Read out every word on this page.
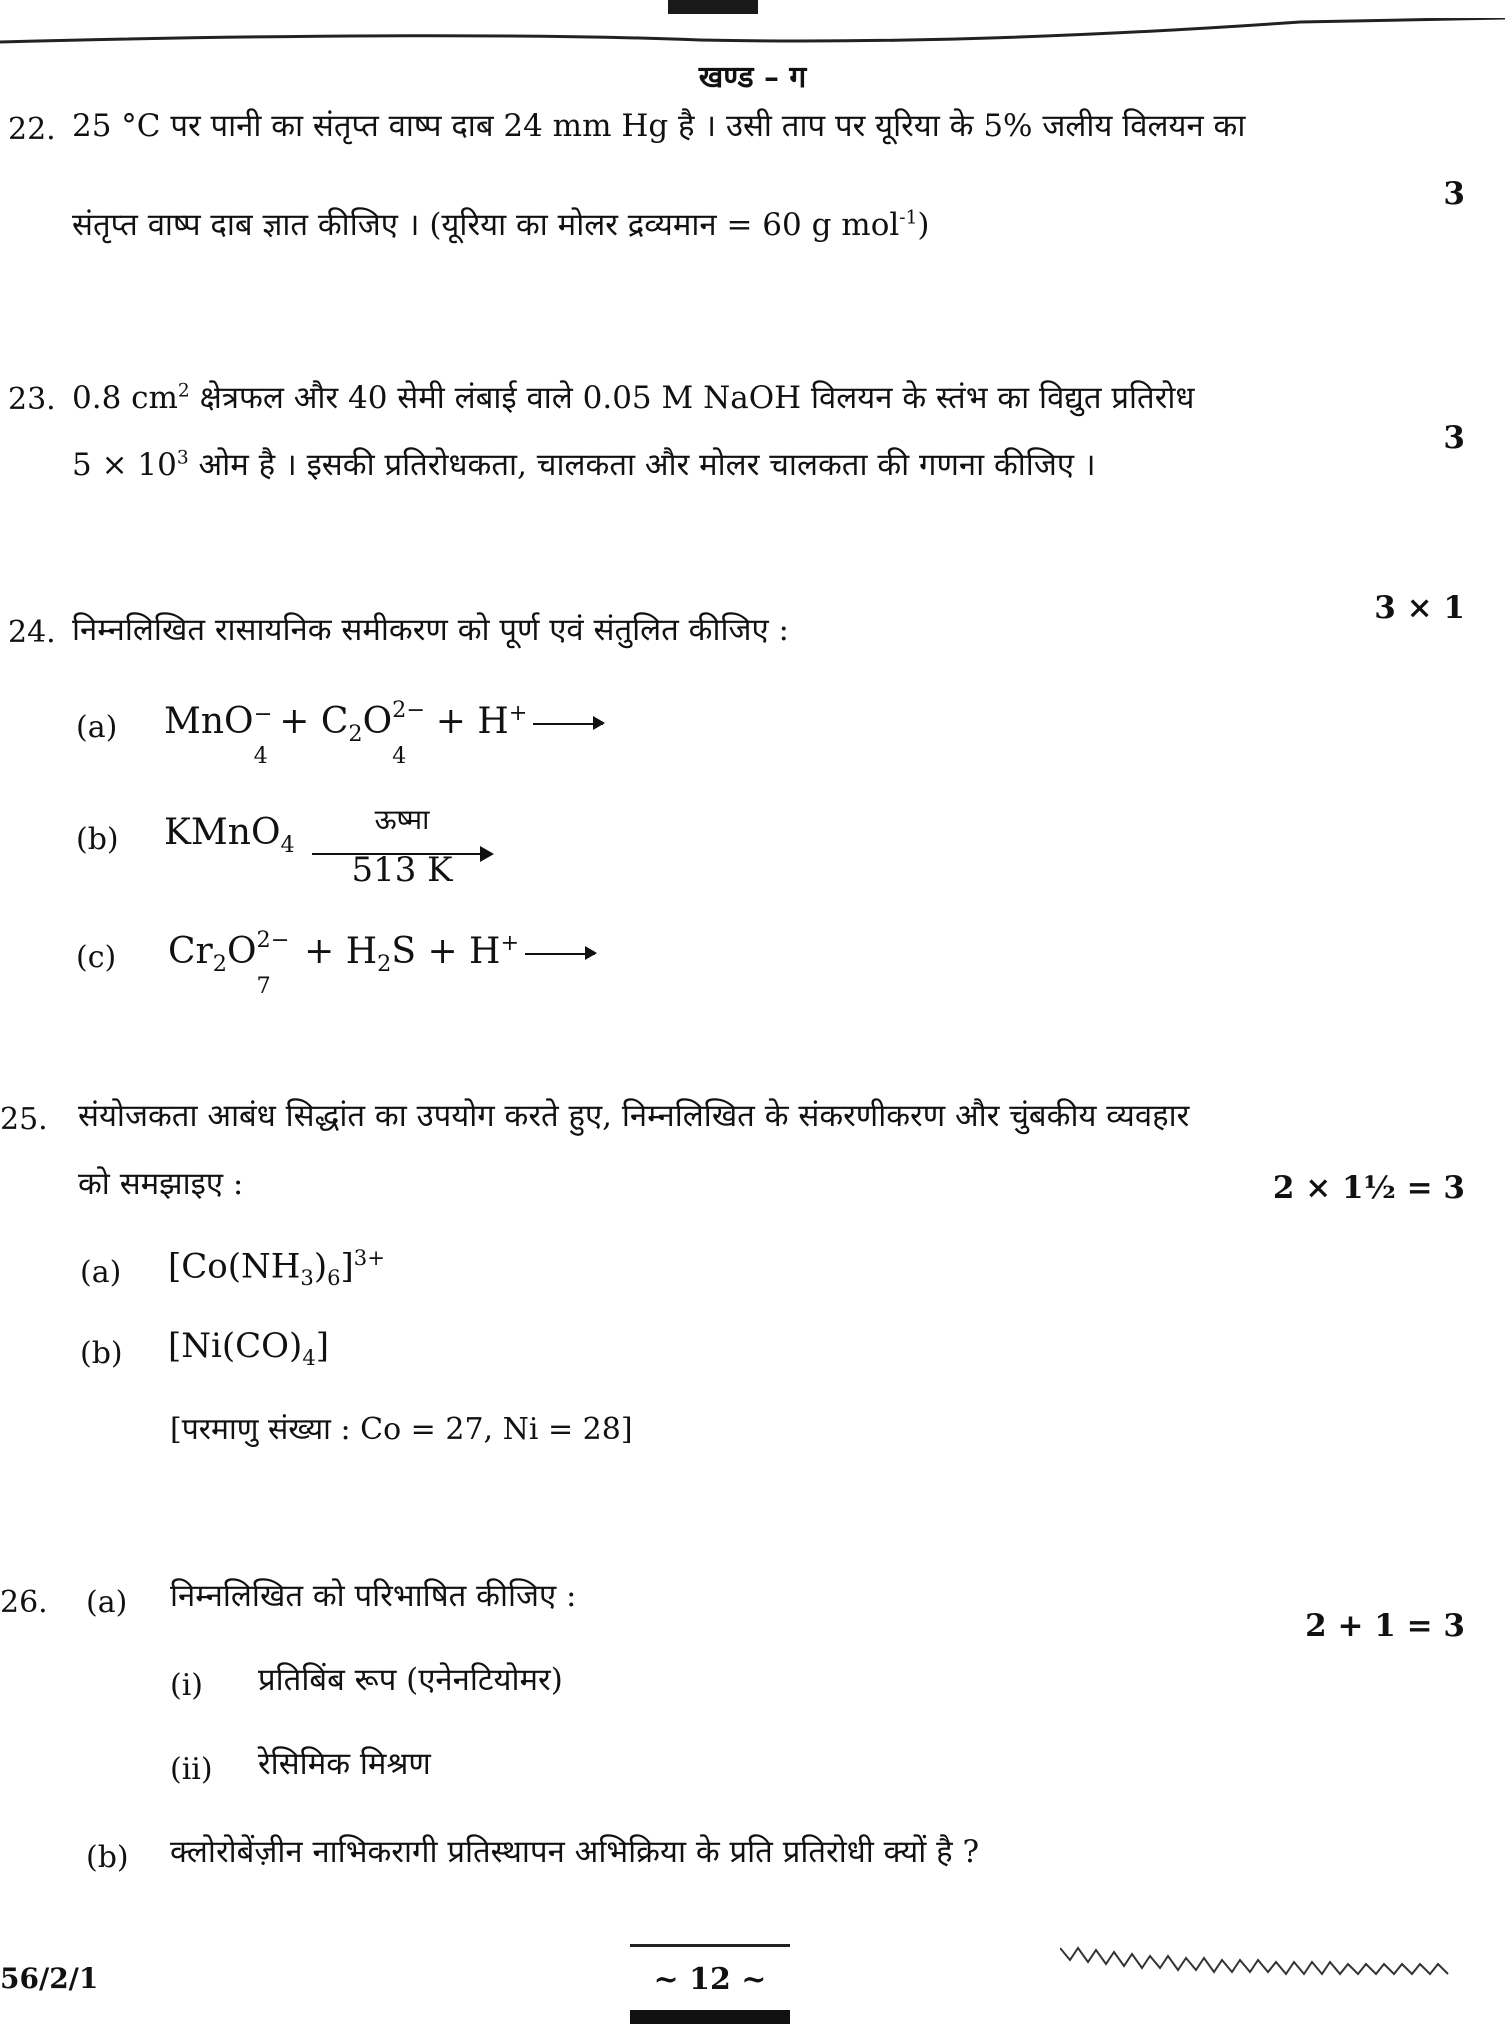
खण्ड – ग
22. 25 °C पर पानी का संतृप्त वाष्प दाब 24 mm Hg है । उसी ताप पर यूरिया के 5% जलीय विलयन का
संतृप्त वाष्प दाब ज्ञात कीजिए । (यूरिया का मोलर द्रव्यमान = 60 g mol$^{-1}$)
3
23. 0.8 $cm^2$ क्षेत्रफल और 40 सेमी लंबाई वाले 0.05 M NaOH विलयन के स्तंभ का विद्युत प्रतिरोध
$5 \times 10^3$ ओम है । इसकी प्रतिरोधकता, चालकता और मोलर चालकता की गणना कीजिए ।
3
24. निम्नलिखित रासायनिक समीकरण को पूर्ण एवं संतुलित कीजिए :
3 × 1
(a) MnO −
$_4 + C_2O$ 2−
$_4$ + H+ →
(b) KMnO$_4$
ऊष्मा
513 K
(c) $Cr_2O$ 2−
$_7 + H_2S + H^+$ →
25. संयोजकता आबंध सिद्धांत का उपयोग करते हुए, निम्नलिखित के संकरणीकरण और चुंबकीय व्यवहार
को समझाइए :	2 × 1½ = 3
(a) $[Co(NH_3)_6]^{3+}$
(b) $[Ni(CO)_4]$
[परमाणु संख्या : Co = 27, Ni = 28]
26. (a) निम्नलिखित को परिभाषित कीजिए :
2 + 1 = 3
(i) प्रतिबिंब रूप (एनेनटियोमर)
(ii) रेसिमिक मिश्रण
(b) क्लोरोबेंज़ीन नाभिकरागी प्रतिस्थापन अभिक्रिया के प्रति प्रतिरोधी क्यों है ?
56/2/1	~ 12 ~
